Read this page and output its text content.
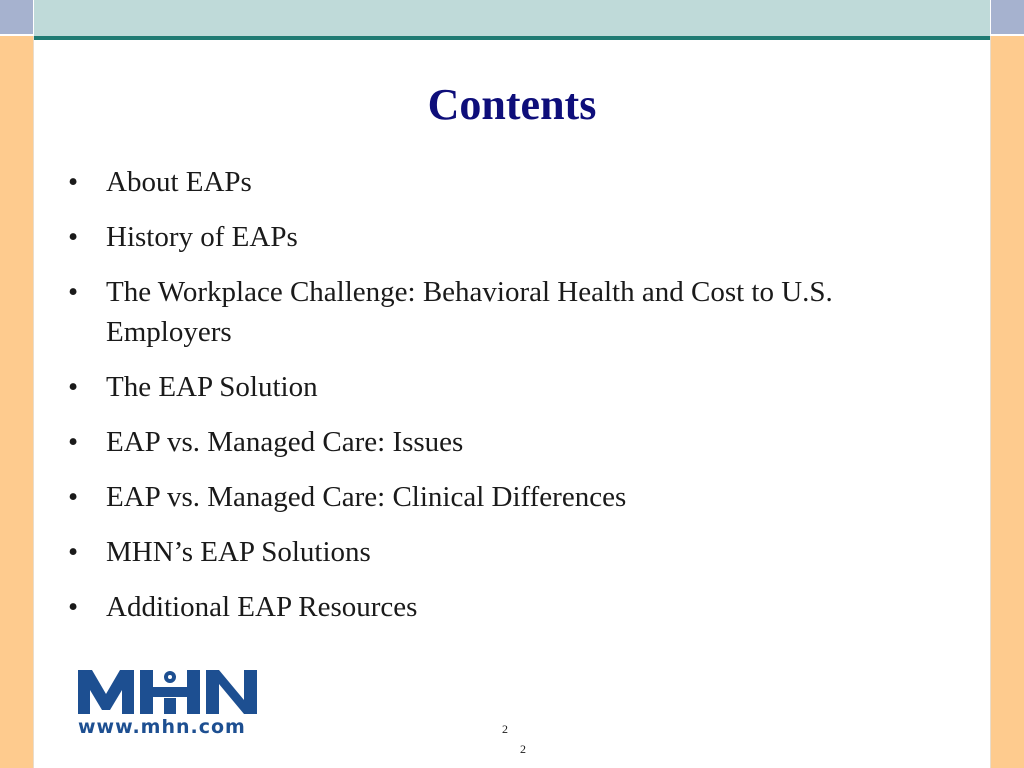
Contents
• About EAPs
• History of EAPs
• The Workplace Challenge: Behavioral Health and Cost to U.S. Employers
• The EAP Solution
• EAP vs. Managed Care: Issues
• EAP vs. Managed Care: Clinical Differences
• MHN’s EAP Solutions
• Additional EAP Resources
www.mhn.com	2
2
